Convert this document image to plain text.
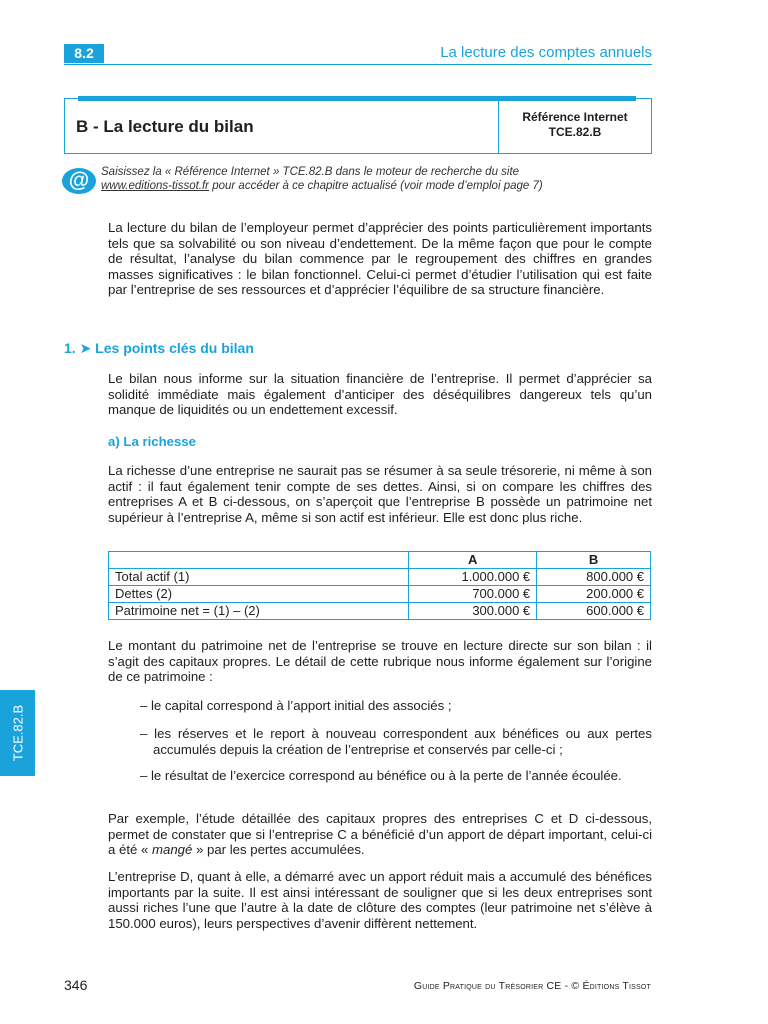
8.2	La lecture des comptes annuels
B - La lecture du bilan	Référence Internet
TCE.82.B
@	Saisissez la « Référence Internet » TCE.82.B dans le moteur de recherche du site
www.editions-tissot.fr pour accéder à ce chapitre actualisé (voir mode d’emploi page 7)
La lecture du bilan de l’employeur permet d’apprécier des points particulièrement importants tels que sa solvabilité ou son niveau d’endettement. De la même façon que pour le compte de résultat, l’analyse du bilan commence par le regroupement des chiffres en grandes masses significatives : le bilan fonctionnel. Celui-ci permet d’étudier l’utilisation qui est faite par l’entreprise de ses ressources et d’apprécier l’équilibre de sa structure financière.
1. ➤ Les points clés du bilan
Le bilan nous informe sur la situation financière de l’entreprise. Il permet d’apprécier sa solidité immédiate mais également d’anticiper des déséquilibres dangereux tels qu’un manque de liquidités ou un endettement excessif.
a) La richesse
La richesse d’une entreprise ne saurait pas se résumer à sa seule trésorerie, ni même à son actif : il faut également tenir compte de ses dettes. Ainsi, si on compare les chiffres des entreprises A et B ci-dessous, on s’aperçoit que l’entreprise B possède un patrimoine net supérieur à l’entreprise A, même si son actif est inférieur. Elle est donc plus riche.
	A	B
Total actif (1)	1.000.000 €	800.000 €
Dettes (2)	700.000 €	200.000 €
Patrimoine net = (1) – (2)	300.000 €	600.000 €
Le montant du patrimoine net de l’entreprise se trouve en lecture directe sur son bilan : il s’agit des capitaux propres. Le détail de cette rubrique nous informe également sur l’origine de ce patrimoine :
– le capital correspond à l’apport initial des associés ;
– les réserves et le report à nouveau correspondent aux bénéfices ou aux pertes accumulés depuis la création de l’entreprise et conservés par celle-ci ;
– le résultat de l’exercice correspond au bénéfice ou à la perte de l’année écoulée.
Par exemple, l’étude détaillée des capitaux propres des entreprises C et D ci-dessous, permet de constater que si l’entreprise C a bénéficié d’un apport de départ important, celui-ci a été « mangé » par les pertes accumulées.
L’entreprise D, quant à elle, a démarré avec un apport réduit mais a accumulé des bénéfices importants par la suite. Il est ainsi intéressant de souligner que si les deux entreprises sont aussi riches l’une que l’autre à la date de clôture des comptes (leur patrimoine net s’élève à 150.000 euros), leurs perspectives d’avenir diffèrent nettement.
TCE.82.B
346	Guide Pratique du Trésorier CE - © Éditions Tissot
